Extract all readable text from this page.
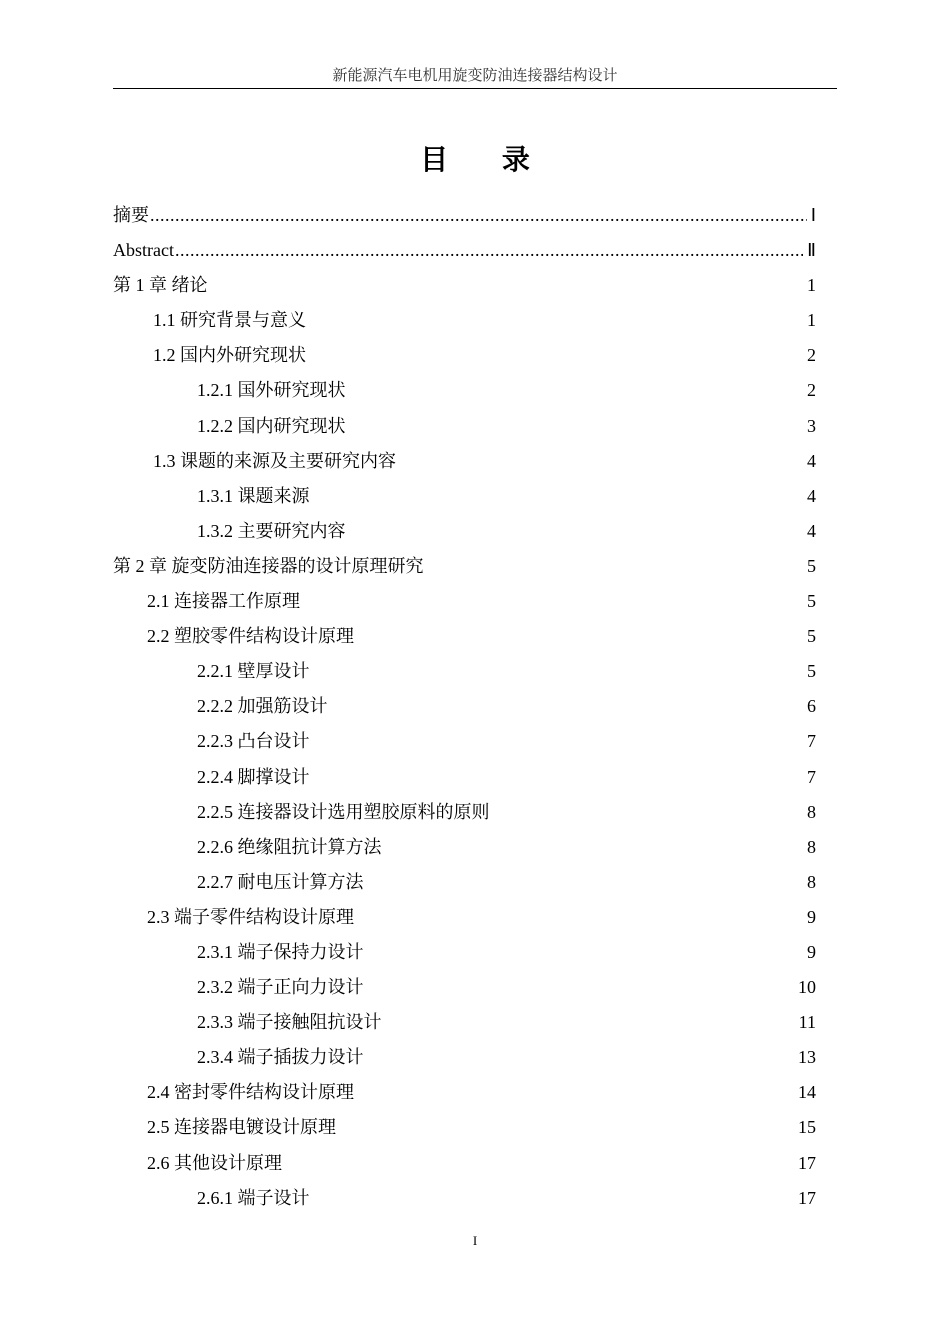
新能源汽车电机用旋变防油连接器结构设计
目 录
摘要 .....	Ⅰ
Abstract .....	Ⅱ
第 1 章 绪论	1
1.1 研究背景与意义	1
1.2 国内外研究现状	2
1.2.1 国外研究现状	2
1.2.2 国内研究现状	3
1.3 课题的来源及主要研究内容	4
1.3.1 课题来源	4
1.3.2 主要研究内容	4
第 2 章 旋变防油连接器的设计原理研究	5
2.1 连接器工作原理	5
2.2 塑胶零件结构设计原理	5
2.2.1 壁厚设计	5
2.2.2 加强筋设计	6
2.2.3 凸台设计	7
2.2.4 脚撑设计	7
2.2.5 连接器设计选用塑胶原料的原则	8
2.2.6 绝缘阻抗计算方法	8
2.2.7 耐电压计算方法	8
2.3 端子零件结构设计原理	9
2.3.1 端子保持力设计	9
2.3.2 端子正向力设计	10
2.3.3 端子接触阻抗设计	11
2.3.4 端子插拔力设计	13
2.4 密封零件结构设计原理	14
2.5 连接器电镀设计原理	15
2.6 其他设计原理	17
2.6.1 端子设计	17
I
